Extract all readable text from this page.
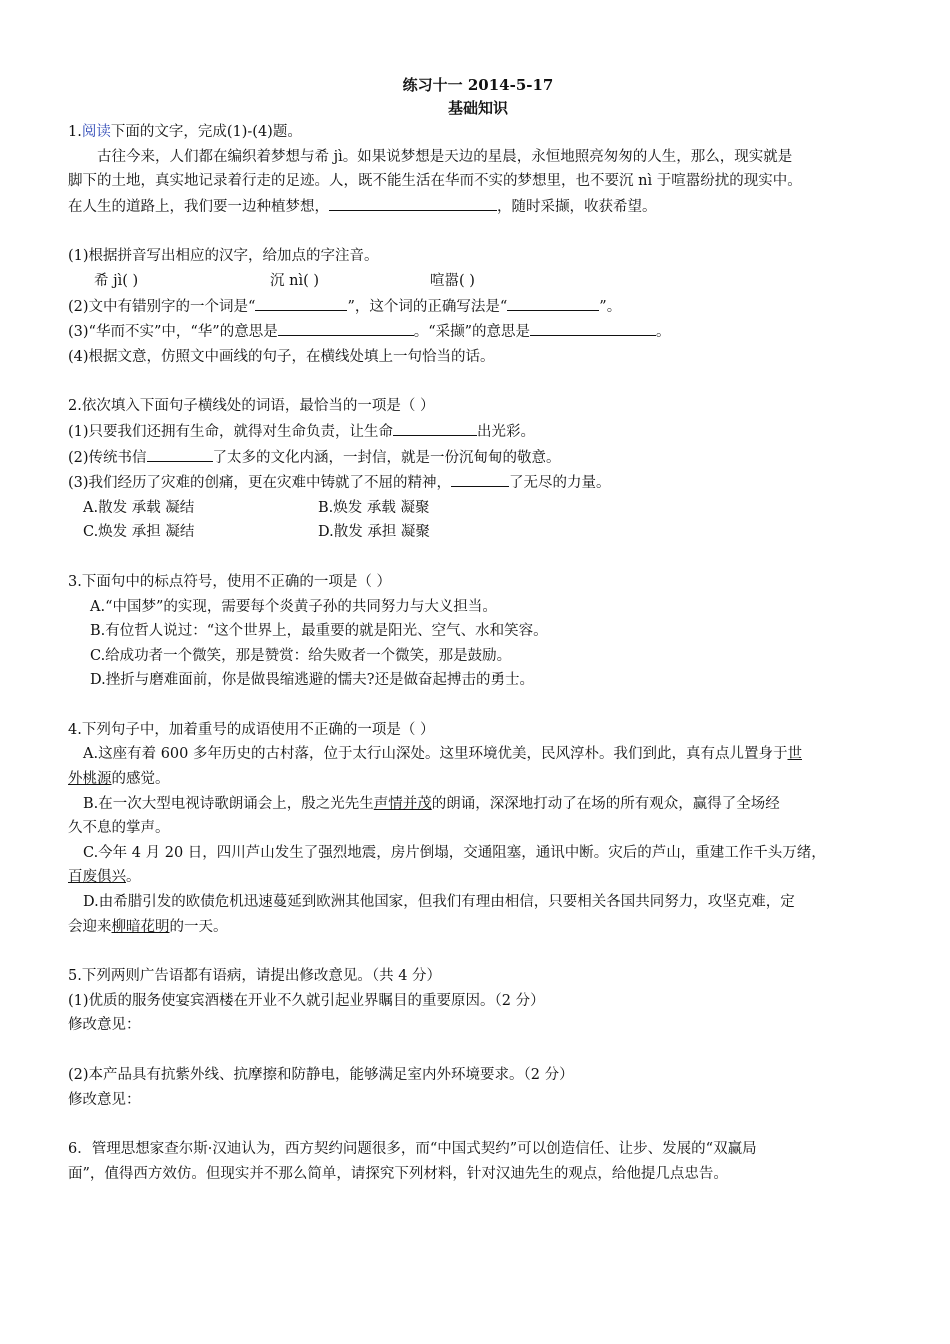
练习十一 2014-5-17
基础知识

1.阅读下面的文字，完成(1)-(4)题。

古往今来，人们都在编织着梦想与希 jì。如果说梦想是天边的星晨，永恒地照亮匆匆的人生，那么，现实就是

脚下的土地，真实地记录着行走的足迹。人，既不能生活在华而不实的梦想里，也不要沉 nì 于喧嚣纷扰的现实中。

在人生的道路上，我们要一边种植梦想，	，随时采撷，收获希望。

(1)根据拼音写出相应的汉字，给加点的字注音。

希 jì( )	沉 nì( )	喧嚣( )

(2)文中有错别字的一个词是“	”，这个词的正确写法是“	”。

(3)“华而不实”中，“华”的意思是	。“采撷”的意思是	。

(4)根据文意，仿照文中画线的句子，在横线处填上一句恰当的话。

2.依次填入下面句子横线处的词语，最恰当的一项是（ ）

(1)只要我们还拥有生命，就得对生命负责，让生命	出光彩。

(2)传统书信	了太多的文化内涵，一封信，就是一份沉甸甸的敬意。

(3)我们经历了灾难的创痛，更在灾难中铸就了不屈的精神，	了无尽的力量。

A.散发 承载 凝结	B.焕发 承载 凝聚

C.焕发 承担 凝结	D.散发 承担 凝聚

3.下面句中的标点符号，使用不正确的一项是（ ）

A.“中国梦”的实现，需要每个炎黄子孙的共同努力与大义担当。

B.有位哲人说过：“这个世界上，最重要的就是阳光、空气、水和笑容。

C.给成功者一个微笑，那是赞赏：给失败者一个微笑，那是鼓励。

D.挫折与磨难面前，你是做畏缩逃避的懦夫?还是做奋起搏击的勇士。

4.下列句子中，加着重号的成语使用不正确的一项是（ ）

A.这座有着 600 多年历史的古村落，位于太行山深处。这里环境优美，民风淳朴。我们到此，真有点儿置身于世

外桃源的感觉。

B.在一次大型电视诗歌朗诵会上，殷之光先生声情并茂的朗诵，深深地打动了在场的所有观众，赢得了全场经

久不息的掌声。

C.今年 4 月 20 日，四川芦山发生了强烈地震，房片倒塌，交通阻塞，通讯中断。灾后的芦山，重建工作千头万绪，

百废俱兴。

D.由希腊引发的欧债危机迅速蔓延到欧洲其他国家，但我们有理由相信，只要相关各国共同努力，攻坚克难，定

会迎来柳暗花明的一天。

5.下列两则广告语都有语病，请提出修改意见。（共 4 分）

(1)优质的服务使宴宾酒楼在开业不久就引起业界瞩目的重要原因。（2 分）

修改意见：

(2)本产品具有抗紫外线、抗摩擦和防静电，能够满足室内外环境要求。（2 分）

修改意见：

6．管理思想家查尔斯·汉迪认为，西方契约问题很多，而“中国式契约”可以创造信任、让步、发展的“双赢局

面”，值得西方效仿。但现实并不那么简单，请探究下列材料，针对汉迪先生的观点，给他提几点忠告。
